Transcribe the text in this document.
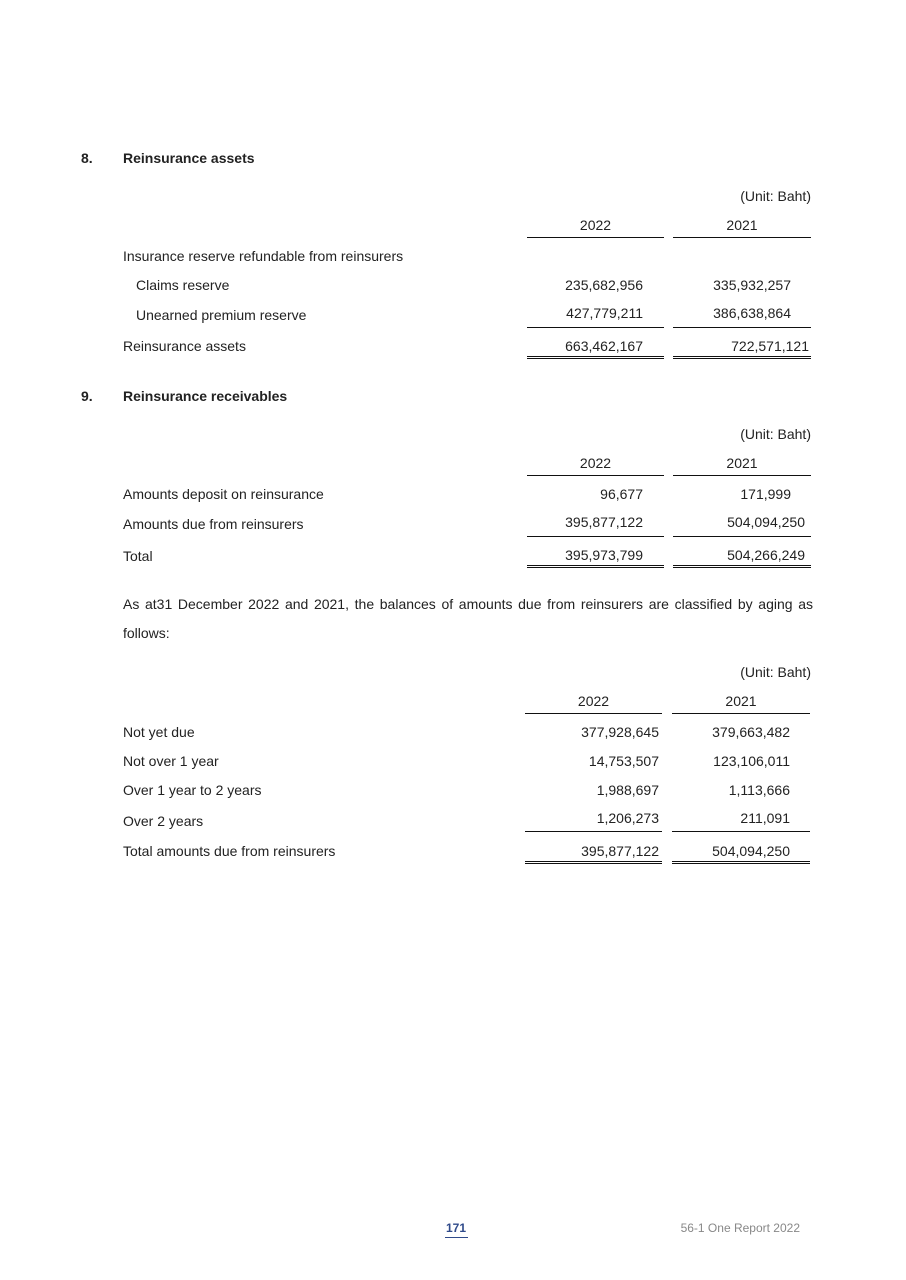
8. Reinsurance assets
(Unit: Baht)
2022	2021
Insurance reserve refundable from reinsurers
Claims reserve	235,682,956	335,932,257
Unearned premium reserve	427,779,211	386,638,864
Reinsurance assets	663,462,167	722,571,121
9. Reinsurance receivables
(Unit: Baht)
2022	2021
Amounts deposit on reinsurance	96,677	171,999
Amounts due from reinsurers	395,877,122	504,094,250
Total	395,973,799	504,266,249
As at31 December 2022 and 2021, the balances of amounts due from reinsurers are classified by aging as follows:
(Unit: Baht)
2022	2021
Not yet due	377,928,645	379,663,482
Not over 1 year	14,753,507	123,106,011
Over 1 year to 2 years	1,988,697	1,113,666
Over 2 years	1,206,273	211,091
Total amounts due from reinsurers	395,877,122	504,094,250
171	56-1 One Report 2022
